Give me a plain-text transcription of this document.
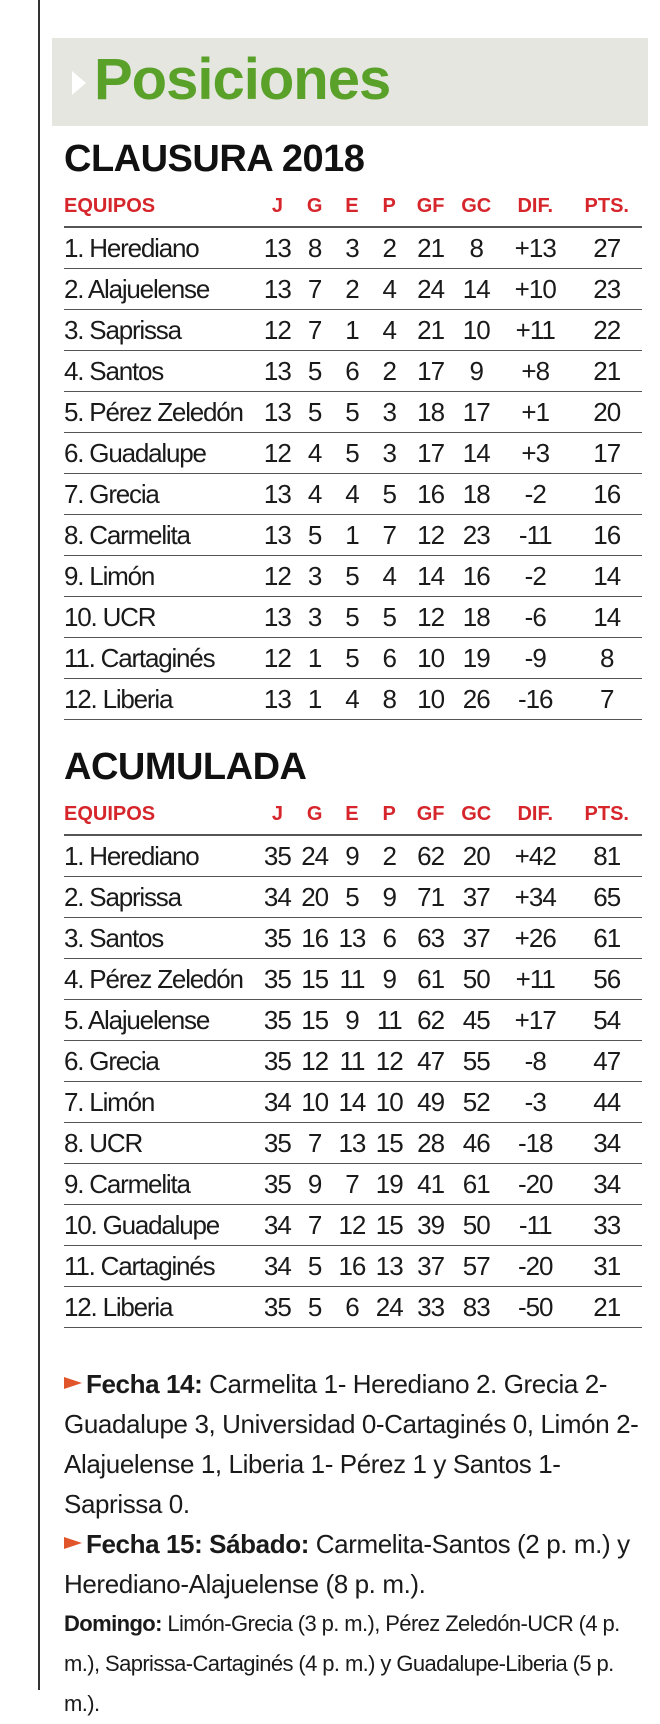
Posiciones
CLAUSURA 2018
EQUIPOS	J	G	E	P	GF	GC	DIF.	PTS.
1. Herediano	13	8	3	2	21	8	+13	27
2. Alajuelense	13	7	2	4	24	14	+10	23
3. Saprissa	12	7	1	4	21	10	+11	22
4. Santos	13	5	6	2	17	9	+8	21
5. Pérez Zeledón	13	5	5	3	18	17	+1	20
6. Guadalupe	12	4	5	3	17	14	+3	17
7. Grecia	13	4	4	5	16	18	-2	16
8. Carmelita	13	5	1	7	12	23	-11	16
9. Limón	12	3	5	4	14	16	-2	14
10. UCR	13	3	5	5	12	18	-6	14
11. Cartaginés	12	1	5	6	10	19	-9	8
12. Liberia	13	1	4	8	10	26	-16	7
ACUMULADA
EQUIPOS	J	G	E	P	GF	GC	DIF.	PTS.
1. Herediano	35	24	9	2	62	20	+42	81
2. Saprissa	34	20	5	9	71	37	+34	65
3. Santos	35	16	13	6	63	37	+26	61
4. Pérez Zeledón	35	15	11	9	61	50	+11	56
5. Alajuelense	35	15	9	11	62	45	+17	54
6. Grecia	35	12	11	12	47	55	-8	47
7. Limón	34	10	14	10	49	52	-3	44
8. UCR	35	7	13	15	28	46	-18	34
9. Carmelita	35	9	7	19	41	61	-20	34
10. Guadalupe	34	7	12	15	39	50	-11	33
11. Cartaginés	34	5	16	13	37	57	-20	31
12. Liberia	35	5	6	24	33	83	-50	21
Fecha 14: Carmelita 1- Herediano 2. Grecia 2- Guadalupe 3, Universidad 0-Cartaginés 0, Limón 2-Alajuelense 1, Liberia 1- Pérez 1 y Santos 1-Saprissa 0.
Fecha 15: Sábado: Carmelita-Santos (2 p. m.) y Herediano-Alajuelense (8 p. m.).
Domingo: Limón-Grecia (3 p. m.), Pérez Zeledón-UCR (4 p. m.), Saprissa-Cartaginés (4 p. m.) y Guadalupe-Liberia (5 p. m.).
